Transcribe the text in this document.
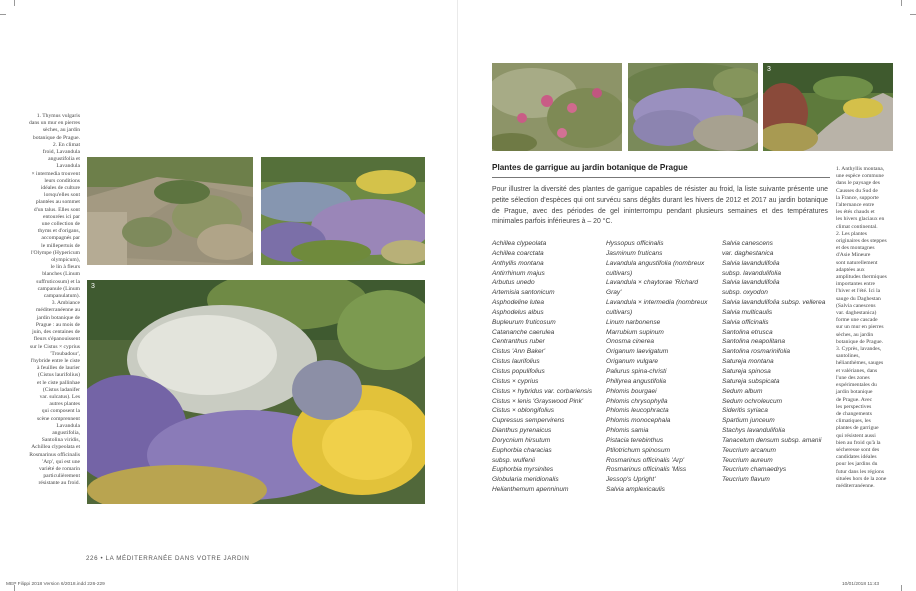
1. Thymus vulgaris
dans un mur en pierres
sèches, au jardin
botanique de Prague.
2. En climat
froid, Lavandula
angustifolia et
Lavandula
× intermedia trouvent
leurs conditions
idéales de culture
lorsqu'elles sont
plantées au sommet
d'un talus. Elles sont
entourées ici par
une collection de
thyms et d'origans,
accompagnés par
le millepertuis de
l'Olympe (Hypericum
olympicum),
le lin à fleurs
blanches (Linum
suffruticosum) et la
campanule (Linum
campanulatum).
3. Ambiance
méditerranéenne au
jardin botanique de
Prague : au mois de
juin, des centaines de
fleurs s'épanouissent
sur le Cistus × cyprius
'Troubadour',
l'hybride entre le ciste
à feuilles de laurier
(Cistus laurifolius)
et le ciste pallinhae
(Cistus ladanifer
var. sulcatus). Les
autres plantes
qui composent la
scène comprennent
Lavandula
angustifolia,
Santolina viridis,
Achillea clypeolata et
Rosmarinus officinalis
'Arp', qui est une
variété de romarin
particulièrement
résistante au froid.
3
226 • LA MÉDITERRANÉE DANS VOTRE JARDIN
MEP Filippi 2018 Version 6/2018.indd 226-229
3
Plantes de garrigue au jardin botanique de Prague
Pour illustrer la diversité des plantes de garrigue capables de résister au froid, la liste suivante présente une petite sélection d'espèces qui ont survécu sans dégâts durant les hivers de 2012 et 2017 au jardin botanique de Prague, avec des périodes de gel ininterrompu pendant plusieurs semaines et des températures minimales parfois inférieures à – 20 °C.
Achillea clypeolata
Achillea coarctata
Anthyllis montana
Antirrhinum majus
Arbutus unedo
Artemisia santonicum
Asphodeline lutea
Asphodelus albus
Bupleurum fruticosum
Catananche caerulea
Centranthus ruber
Cistus 'Ann Baker'
Cistus laurifolius
Cistus populifolius
Cistus × cyprius
Cistus × hybridus var. corbariensis
Cistus × lenis 'Grayswood Pink'
Cistus × oblongifolius
Cupressus sempervirens
Dianthus pyrenaicus
Dorycnium hirsutum
Euphorbia characias
subsp. wulfenii
Euphorbia myrsinites
Globularia meridionalis
Helianthemum apenninum
Hyssopus officinalis
Jasminum fruticans
Lavandula angustifolia (nombreux
cultivars)
Lavandula × chaytorae 'Richard
Gray'
Lavandula × intermedia (nombreux
cultivars)
Linum narbonense
Marrubium supinum
Onosma cinerea
Origanum laevigatum
Origanum vulgare
Paliurus spina-christi
Phillyrea angustifolia
Phlomis bourgaei
Phlomis chrysophylla
Phlomis leucophracta
Phlomis monocephala
Phlomis samia
Pistacia terebinthus
Ptilotrichum spinosum
Rosmarinus officinalis 'Arp'
Rosmarinus officinalis 'Miss
Jessop's Upright'
Salvia amplexicaulis
Salvia canescens
var. daghestanica
Salvia lavandulifolia
subsp. lavandulifolia
Salvia lavandulifolia
subsp. oxyodon
Salvia lavandulifolia subsp. vellerea
Salvia multicaulis
Salvia officinalis
Santolina etrusca
Santolina neapolitana
Santolina rosmarinifolia
Satureja montana
Satureja spinosa
Satureja subspicata
Sedum album
Sedum ochroleucum
Sideritis syriaca
Spartium junceum
Stachys lavandulifolia
Tanacetum densum subsp. amanii
Teucrium arcanum
Teucrium aureum
Teucrium chamaedrys
Teucrium flavum
1. Anthyllis montana,
une espèce commune
dans le paysage des
Causses du Sud de
la France, supporte
l'alternance entre
les étés chauds et
les hivers glaciaux en
climat continental.
2. Les plantes
originaires des steppes
et des montagnes
d'Asie Mineure
sont naturellement
adaptées aux
amplitudes thermiques
importantes entre
l'hiver et l'été. Ici la
sauge du Daghestan
(Salvia canescens
var. daghestanica)
forme une cascade
sur un mur en pierres
sèches, au jardin
botanique de Prague.
3. Cyprès, lavandes,
santolines,
hélianthèmes, sauges
et valérianes, dans
l'une des zones
expérimentales du
jardin botanique
de Prague. Avec
les perspectives
de changements
climatiques, les
plantes de garrigue
qui résistent aussi
bien au froid qu'à la
sécheresse sont des
candidates idéales
pour les jardins du
futur dans les régions
situées hors de la zone
méditerranéenne.
10/01/2018 11:43
